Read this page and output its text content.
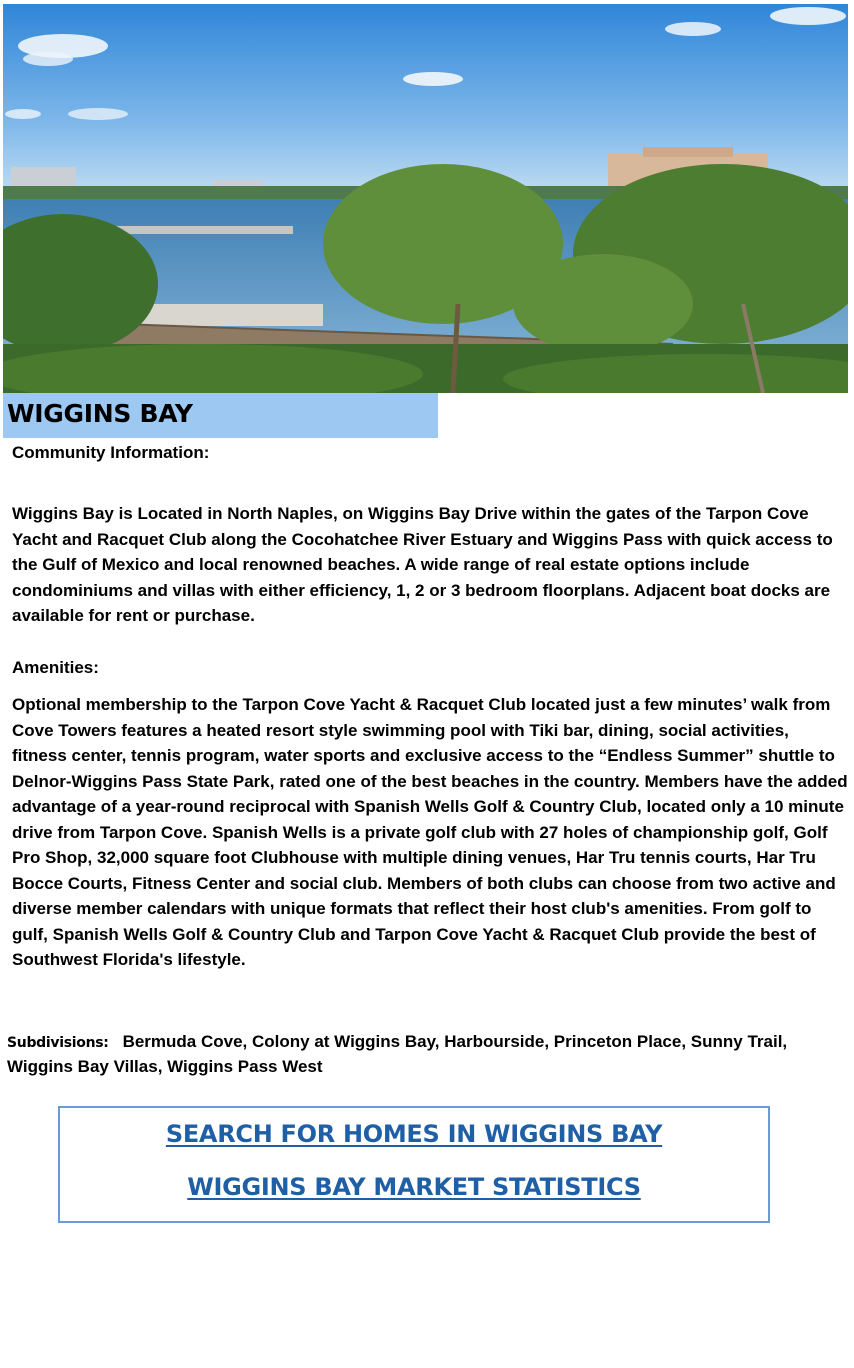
WIGGINS BAY
Community Information:

Wiggins Bay is Located in North Naples, on Wiggins Bay Drive within the gates of the Tarpon Cove Yacht and Racquet Club along the Cocohatchee River Estuary and Wiggins Pass with quick access to the Gulf of Mexico and local renowned beaches. A wide range of real estate options include condominiums and villas with either efficiency, 1, 2 or 3 bedroom floorplans. Adjacent boat docks are available for rent or purchase.

Amenities:

Optional membership to the Tarpon Cove Yacht & Racquet Club located just a few minutes’ walk from Cove Towers features a heated resort style swimming pool with Tiki bar, dining, social activities, fitness center, tennis program, water sports and exclusive access to the “Endless Summer” shuttle to Delnor-Wiggins Pass State Park, rated one of the best beaches in the country. Members have the added advantage of a year-round reciprocal with Spanish Wells Golf & Country Club, located only a 10 minute drive from Tarpon Cove. Spanish Wells is a private golf club with 27 holes of championship golf, Golf Pro Shop, 32,000 square foot Clubhouse with multiple dining venues, Har Tru tennis courts, Har Tru Bocce Courts, Fitness Center and social club. Members of both clubs can choose from two active and diverse member calendars with unique formats that reflect their host club's amenities. From golf to gulf, Spanish Wells Golf & Country Club and Tarpon Cove Yacht & Racquet Club provide the best of Southwest Florida's lifestyle.

Subdivisions: Bermuda Cove, Colony at Wiggins Bay, Harbourside, Princeton Place, Sunny Trail, Wiggins Bay Villas, Wiggins Pass West
SEARCH FOR HOMES IN WIGGINS BAY
WIGGINS BAY MARKET STATISTICS
